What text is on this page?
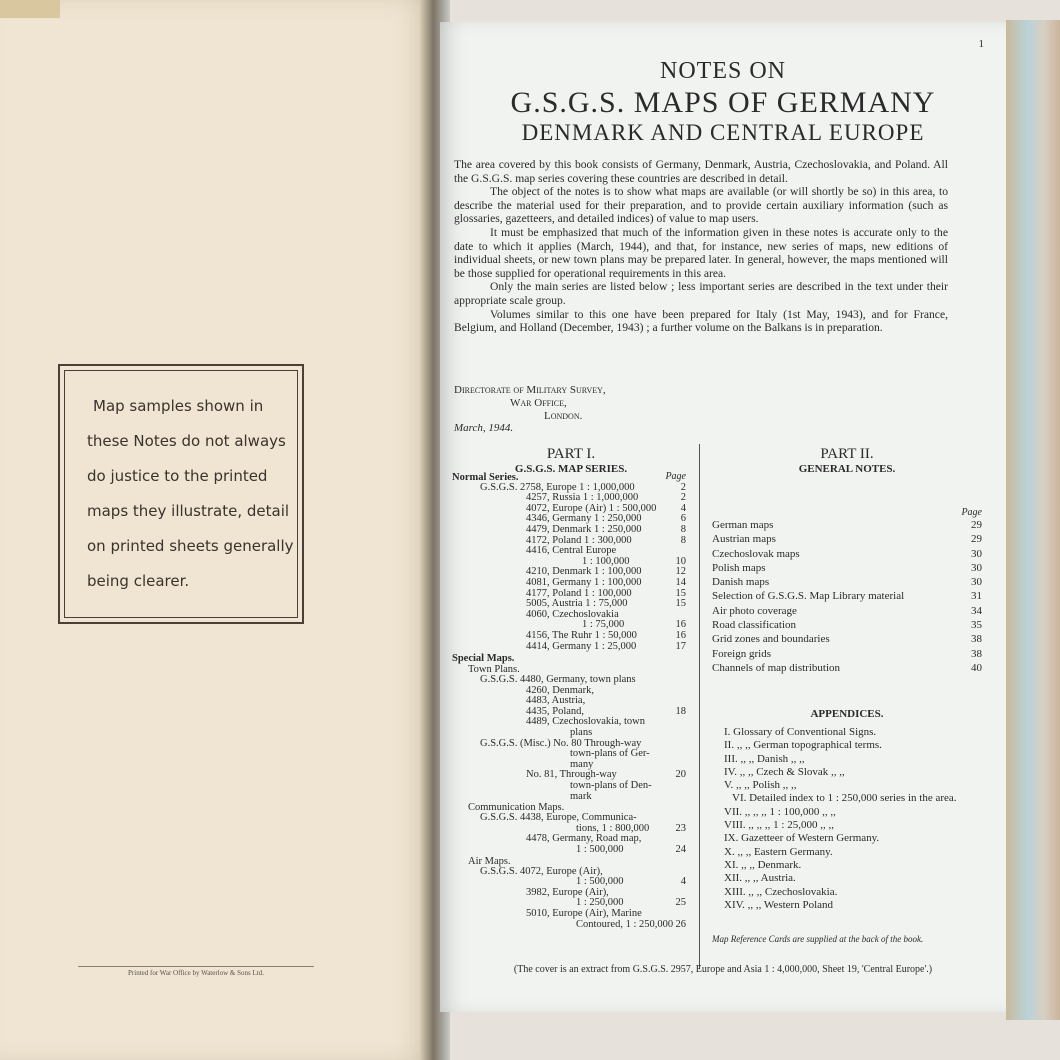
Map samples shown in
these Notes do not always
do justice to the printed
maps they illustrate, detail
on printed sheets generally
being clearer.
Printed for War Office by Waterlow & Sons Ltd.
1
NOTES ON
G.S.G.S. MAPS OF GERMANY
DENMARK AND CENTRAL EUROPE

The area covered by this book consists of Germany, Denmark, Austria, Czechoslovakia, and Poland. All the G.S.G.S. map series covering these countries are described in detail.

The object of the notes is to show what maps are available (or will shortly be so) in this area, to describe the material used for their preparation, and to provide certain auxiliary information (such as glossaries, gazetteers, and detailed indices) of value to map users.

It must be emphasized that much of the information given in these notes is accurate only to the date to which it applies (March, 1944), and that, for instance, new series of maps, new editions of individual sheets, or new town plans may be prepared later. In general, however, the maps mentioned will be those supplied for operational requirements in this area.

Only the main series are listed below ; less important series are described in the text under their appropriate scale group.

Volumes similar to this one have been prepared for Italy (1st May, 1943), and for France, Belgium, and Holland (December, 1943) ; a further volume on the Balkans is in preparation.

Directorate of Military Survey,
War Office,
London.
March, 1944.
PART I.
G.S.G.S. MAP SERIES.
PART II.
GENERAL NOTES.
Normal Series.	Page
G.S.G.S. 2758, Europe 1 : 1,000,000	2
4257, Russia 1 : 1,000,000	2
4072, Europe (Air) 1 : 500,000 4
4346, Germany 1 : 250,000	6
4479, Denmark 1 : 250,000	8
4172, Poland 1 : 300,000	8
4416, Central Europe
1 : 100,000	10
4210, Denmark 1 : 100,000	12
4081, Germany 1 : 100,000	14
4177, Poland 1 : 100,000	15
5005, Austria 1 : 75,000	15
4060, Czechoslovakia
1 : 75,000	16
4156, The Ruhr 1 : 50,000	16
4414, Germany 1 : 25,000	17
Special Maps.
Town Plans.
G.S.G.S. 4480, Germany, town plans
4260, Denmark,
4483, Austria,
4435, Poland,	18
4489, Czechoslovakia, town
plans
G.S.G.S. (Misc.) No. 80 Through-way
town-plans of Ger-
many
No. 81, Through-way	20
town-plans of Den-
mark
Communication Maps.
G.S.G.S. 4438, Europe, Communica-
tions, 1 : 800,000	23
4478, Germany, Road map,
1 : 500,000	24
Air Maps.
G.S.G.S. 4072, Europe (Air),
1 : 500,000	4
3982, Europe (Air),
1 : 250,000	25
5010, Europe (Air), Marine
Contoured, 1 : 250,000 26
Page
German maps	29
Austrian maps	29
Czechoslovak maps	30
Polish maps	30
Danish maps	30
Selection of G.S.G.S. Map Library material	31
Air photo coverage	34
Road classification	35
Grid zones and boundaries	38
Foreign grids	38
Channels of map distribution	40
APPENDICES.
I. Glossary of Conventional Signs.
II. ,, ,, German topographical terms.
III. ,, ,, Danish ,, ,,
IV. ,, ,, Czech & Slovak ,, ,,
V. ,, ,, Polish ,, ,,
VI. Detailed index to 1 : 250,000 series in the area.
VII. ,, ,, ,, 1 : 100,000 ,, ,,
VIII. ,, ,, ,, 1 : 25,000 ,, ,,
IX. Gazetteer of Western Germany.
X. ,, ,, Eastern Germany.
XI. ,, ,, Denmark.
XII. ,, ,, Austria.
XIII. ,, ,, Czechoslovakia.
XIV. ,, ,, Western Poland
Map Reference Cards are supplied at the back of the book.
(The cover is an extract from G.S.G.S. 2957, Europe and Asia 1 : 4,000,000, Sheet 19, 'Central Europe'.)
